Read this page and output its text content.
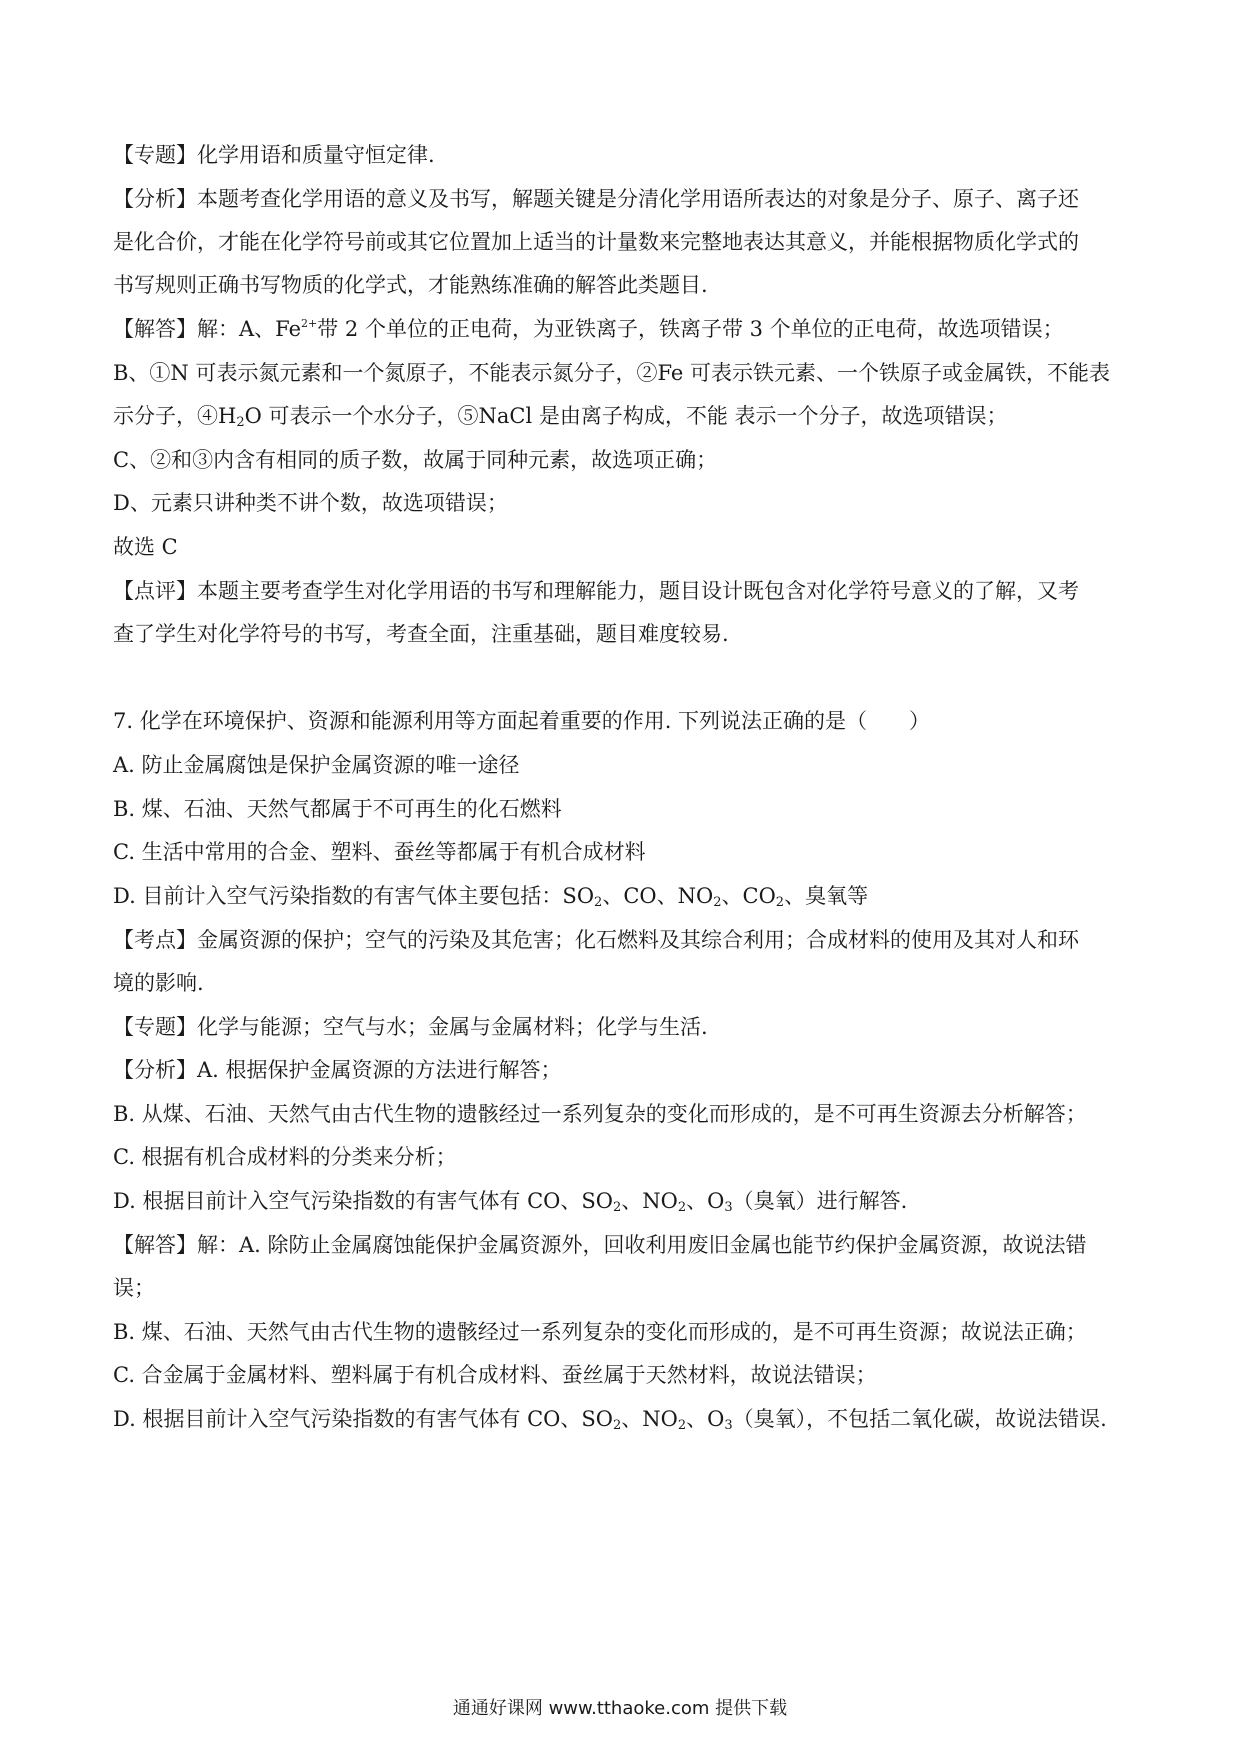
【专题】化学用语和质量守恒定律.
【分析】本题考查化学用语的意义及书写，解题关键是分清化学用语所表达的对象是分子、原子、离子还
是化合价，才能在化学符号前或其它位置加上适当的计量数来完整地表达其意义，并能根据物质化学式的
书写规则正确书写物质的化学式，才能熟练准确的解答此类题目.
【解答】解：A、$Fe^{2+}$带 2 个单位的正电荷，为亚铁离子，铁离子带 3 个单位的正电荷，故选项错误；
B、①N 可表示氮元素和一个氮原子，不能表示氮分子，②Fe 可表示铁元素、一个铁原子或金属铁，不能表
示分子，$④H_2O$ 可表示一个水分子，⑤NaCl 是由离子构成，不能 表示一个分子，故选项错误；
C、②和③内含有相同的质子数，故属于同种元素，故选项正确；
D、元素只讲种类不讲个数，故选项错误；
故选 C
【点评】本题主要考查学生对化学用语的书写和理解能力，题目设计既包含对化学符号意义的了解，又考
查了学生对化学符号的书写，考查全面，注重基础，题目难度较易.
7. 化学在环境保护、资源和能源利用等方面起着重要的作用. 下列说法正确的是（　　）
A. 防止金属腐蚀是保护金属资源的唯一途径
B. 煤、石油、天然气都属于不可再生的化石燃料
C. 生活中常用的合金、塑料、蚕丝等都属于有机合成材料
D. 目前计入空气污染指数的有害气体主要包括：$SO_2$、CO、$NO_2$、$CO_2$、臭氧等
【考点】金属资源的保护；空气的污染及其危害；化石燃料及其综合利用；合成材料的使用及其对人和环
境的影响.
【专题】化学与能源；空气与水；金属与金属材料；化学与生活.
【分析】A. 根据保护金属资源的方法进行解答；
B. 从煤、石油、天然气由古代生物的遗骸经过一系列复杂的变化而形成的，是不可再生资源去分析解答；
C. 根据有机合成材料的分类来分析；
D. 根据目前计入空气污染指数的有害气体有 CO、$SO_2$、$NO_2$、$O_3$（臭氧）进行解答.
【解答】解：A. 除防止金属腐蚀能保护金属资源外，回收利用废旧金属也能节约保护金属资源，故说法错
误；
B. 煤、石油、天然气由古代生物的遗骸经过一系列复杂的变化而形成的，是不可再生资源；故说法正确；
C. 合金属于金属材料、塑料属于有机合成材料、蚕丝属于天然材料，故说法错误；
D. 根据目前计入空气污染指数的有害气体有 CO、$SO_2$、$NO_2$、$O_3$（臭氧），不包括二氧化碳，故说法错误.
通通好课网 www.tthaoke.com 提供下载
